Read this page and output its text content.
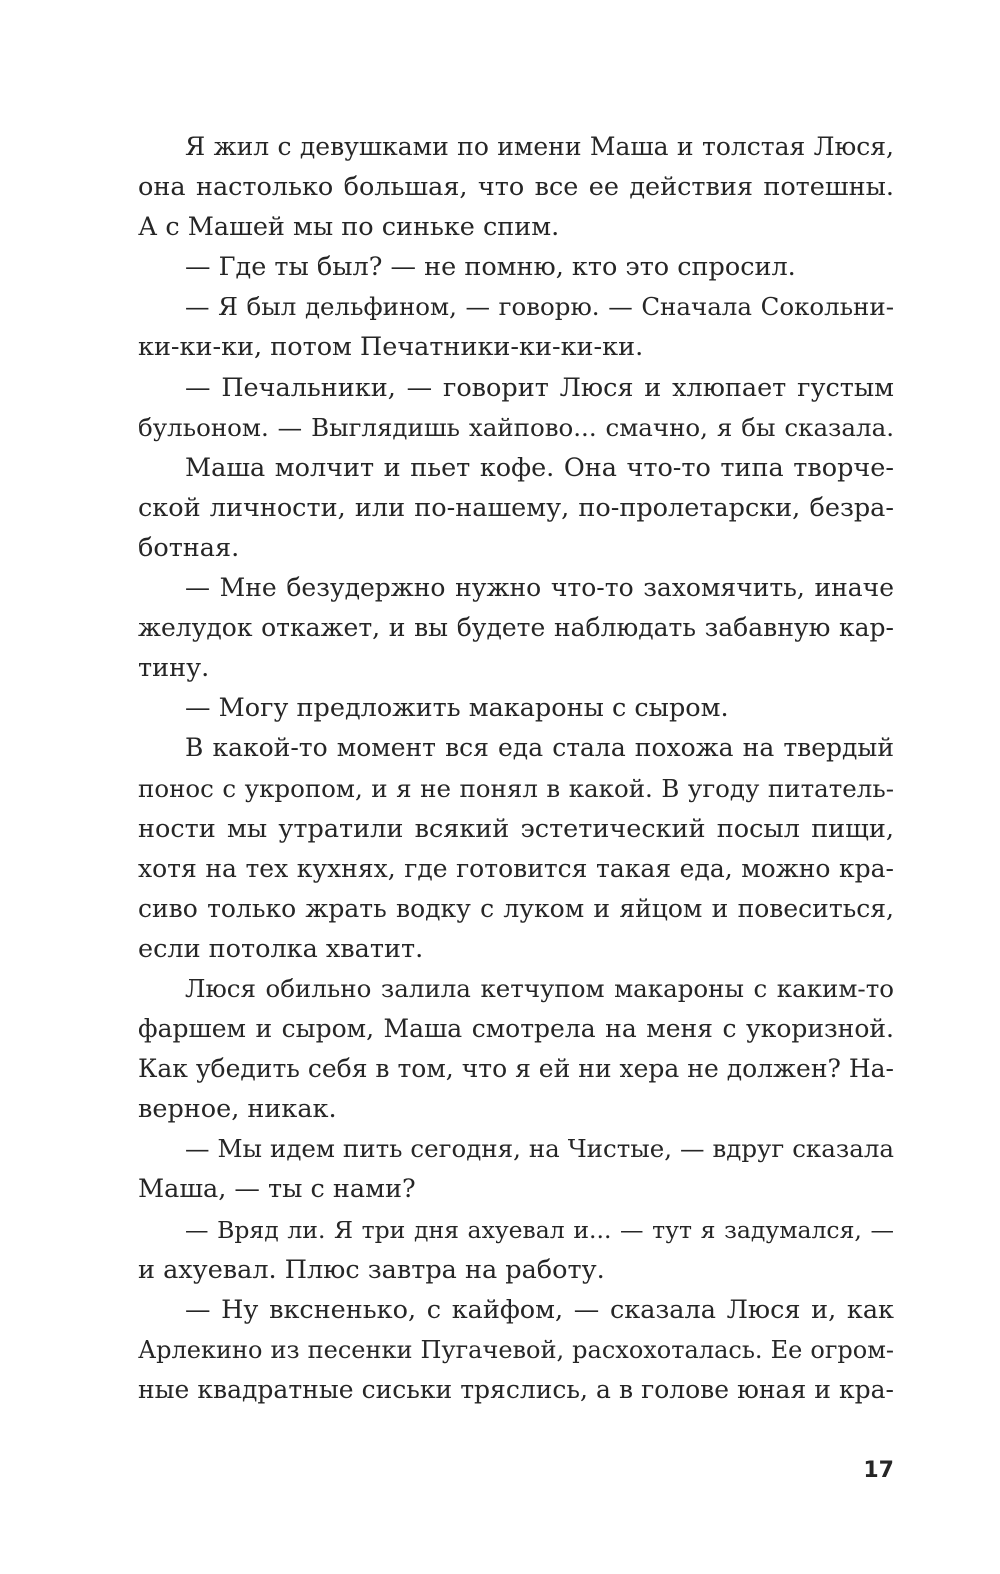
Я жил с девушками по имени Маша и толстая Люся,
она настолько большая, что все ее действия потешны.
А с Машей мы по синьке спим.
— Где ты был? — не помню, кто это спросил.
— Я был дельфином, — говорю. — Сначала Сокольни-
ки-ки-ки, потом Печатники-ки-ки-ки.
— Печальники, — говорит Люся и хлюпает густым
бульоном. — Выглядишь хайпово... смачно, я бы сказала.
Маша молчит и пьет кофе. Она что-то типа творче-
ской личности, или по-нашему, по-пролетарски, безра-
ботная.
— Мне безудержно нужно что-то захомячить, иначе
желудок откажет, и вы будете наблюдать забавную кар-
тину.
— Могу предложить макароны с сыром.
В какой-то момент вся еда стала похожа на твердый
понос с укропом, и я не понял в какой. В угоду питатель-
ности мы утратили всякий эстетический посыл пищи,
хотя на тех кухнях, где готовится такая еда, можно кра-
сиво только жрать водку с луком и яйцом и повеситься,
если потолка хватит.
Люся обильно залила кетчупом макароны с каким-то
фаршем и сыром, Маша смотрела на меня с укоризной.
Как убедить себя в том, что я ей ни хера не должен? На-
верное, никак.
— Мы идем пить сегодня, на Чистые, — вдруг сказала
Маша, — ты с нами?
— Вряд ли. Я три дня ахуевал и... — тут я задумался, —
и ахуевал. Плюс завтра на работу.
— Ну вксненько, с кайфом, — сказала Люся и, как
Арлекино из песенки Пугачевой, расхохоталась. Ее огром-
ные квадратные сиськи тряслись, а в голове юная и кра-
17
